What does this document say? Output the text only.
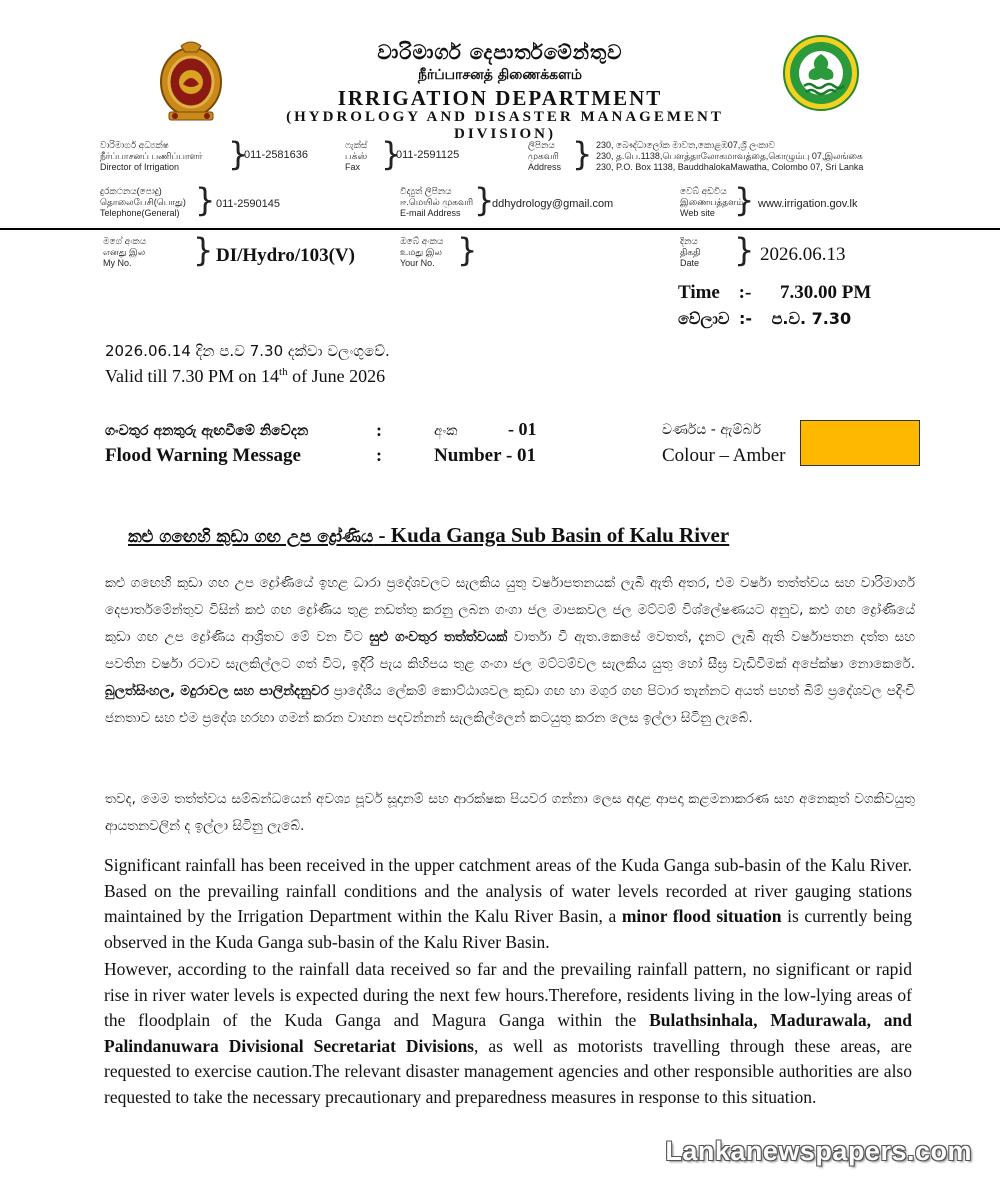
වාරිමාර්ග දෙපාර්තමේන්තුව
நீர்ப்பாசனத் திணைக்களம்
IRRIGATION DEPARTMENT
(HYDROLOGY AND DISASTER MANAGEMENT DIVISION)
වාරිමාර්ග අධ්‍යක්ෂ
நீர்ப்பாசனப் பணிப்பாளர்
Director of Irrigation	}
011-2581636
ෆැක්ස්
பக்ஸ்
Fax }
011-2591125
ලිපිනය
முகவரி
Address } 230, බෞද්ධාලෝක මාවත,කොළඹ07,ශ්‍රී ලංකාව
230, த.பெ.1138,பௌத்தாலோகமாவத்தை,கொழும்பு 07,இலங்கை
230, P.O. Box 1138, BauddhalokaMawatha, Colombo 07, Sri Lanka
දුරකථනය(පොදු)
தொலைபேசி(பொது)
Telephone(General) } 011-2590145
විද්‍යුත් ලිපිනය
ஈ.மெயில் முகவரி
E-mail Address }
ddhydrology@gmail.com
වෙබ් අඩවිය
இணையத்தளம்
Web site } www.irrigation.gov.lk
මගේ අංකය
எனது இல
My No.	} DI/Hydro/103(V)
ඔබේ අංකය
உமது இல
Your No. }	දිනය
திகதி
Date	} 2026.06.13
Time :- 7.30.00 PM
වේලාව :- ප.ව. 7.30
2026.06.14 දින ප.ව 7.30 දක්වා වලංගුවේ.
Valid till 7.30 PM on 14th of June 2026
ගංවතුර අනතුරු ඇඟවීමේ නිවේදන	:	අංක	- 01	වර්ණය - ඇම්බර්
Flood Warning Message	:	Number - 01	Colour – Amber
කළු ගඟෙහි කුඩා ගඟ උප ද්‍රෝණිය - Kuda Ganga Sub Basin of Kalu River
කළු ගඟෙහි කුඩා ගඟ උප ද්‍රෝණියේ ඉහළ ධාරා ප්‍රදේශවලට සැලකිය යුතු වර්ෂාපතනයක් ලැබී ඇති අතර, එම වර්ෂා තත්ත්වය සහ වාරිමාර්ග දෙපාර්තමේන්තුව විසින් කළු ගඟ ද්‍රෝණිය තුළ නඩත්තු කරනු ලබන ගංගා ජල මාපකවල ජල මට්ටම් විශ්ලේෂණයට අනුව, කළු ගඟ ද්‍රෝණියේ කුඩා ගඟ උප ද්‍රෝණිය ආශ්‍රිතව මේ වන විට සුළු ගංවතුර තත්ත්වයක් වාර්තා වී ඇත.කෙසේ වෙතත්, දැනට ලැබී ඇති වර්ෂාපතන දත්ත සහ පවතින වර්ෂා රටාව සැලකිල්ලට ගත් විට, ඉදිරි පැය කිහිපය තුළ ගංගා ජල මට්ටම්වල සැලකිය යුතු හෝ සීඝ්‍ර වැඩිවීමක් අපේක්ෂා නොකෙරේ. බුලත්සිංහල, මදුරාවල සහ පාලින්දනුවර ප්‍රාදේශීය ලේකම් කොට්ඨාශවල කුඩා ගඟ හා මගුර ගඟ පිටාර තැන්නට අයත් පහත් බිම් ප්‍රදේශවල පදිංචි ජනතාව සහ එම ප්‍රදේශ හරහා ගමන් කරන වාහන පදවන්නන් සැලකිල්ලෙන් කටයුතු කරන ලෙස ඉල්ලා සිටිනු ලැබේ.
තවද, මෙම තත්ත්වය සම්බන්ධයෙන් අවශ්‍ය පූර්ව සූදානම් සහ ආරක්ෂක පියවර ගන්නා ලෙස අදාළ ආපදා කළමනාකරණ සහ අනෙකුත් වගකිවයුතු ආයතනවලින් ද ඉල්ලා සිටිනු ලැබේ.
Significant rainfall has been received in the upper catchment areas of the Kuda Ganga sub-basin of the Kalu River. Based on the prevailing rainfall conditions and the analysis of water levels recorded at river gauging stations maintained by the Irrigation Department within the Kalu River Basin, a minor flood situation is currently being observed in the Kuda Ganga sub-basin of the Kalu River Basin.
However, according to the rainfall data received so far and the prevailing rainfall pattern, no significant or rapid rise in river water levels is expected during the next few hours.Therefore, residents living in the low-lying areas of the floodplain of the Kuda Ganga and Magura Ganga within the Bulathsinhala, Madurawala, and Palindanuwara Divisional Secretariat Divisions, as well as motorists travelling through these areas, are requested to exercise caution.The relevant disaster management agencies and other responsible authorities are also requested to take the necessary precautionary and preparedness measures in response to this situation.
Lankanewspapers.com
